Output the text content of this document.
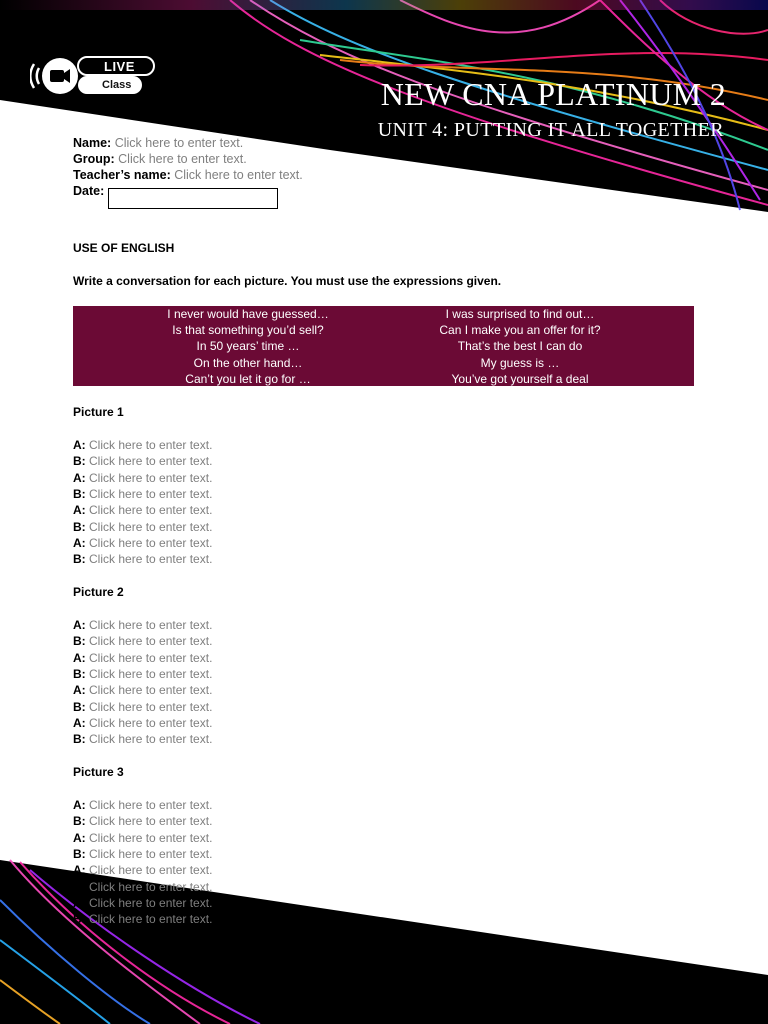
LIVE
Class	NEW CNA PLATINUM 2
UNIT 4: PUTTING IT ALL TOGETHER
Name: Click here to enter text.
Group: Click here to enter text.
Teacher’s name: Click here to enter text.
Date:
USE OF ENGLISH
Write a conversation for each picture. You must use the expressions given.
I never would have guessed…
Is that something you’d sell?
In 50 years’ time …
On the other hand…
Can’t you let it go for …
I was surprised to find out…
Can I make you an offer for it?
That’s the best I can do
My guess is …
You’ve got yourself a deal
Picture 1
A: Click here to enter text.
B: Click here to enter text.
A: Click here to enter text.
B: Click here to enter text.
A: Click here to enter text.
B: Click here to enter text.
A: Click here to enter text.
B: Click here to enter text.
Picture 2
A: Click here to enter text.
B: Click here to enter text.
A: Click here to enter text.
B: Click here to enter text.
A: Click here to enter text.
B: Click here to enter text.
A: Click here to enter text.
B: Click here to enter text.
Picture 3
A: Click here to enter text.
B: Click here to enter text.
A: Click here to enter text.
B: Click here to enter text.
A: Click here to enter text.
B: Click here to enter text.
A: Click here to enter text.
B: Click here to enter text.
